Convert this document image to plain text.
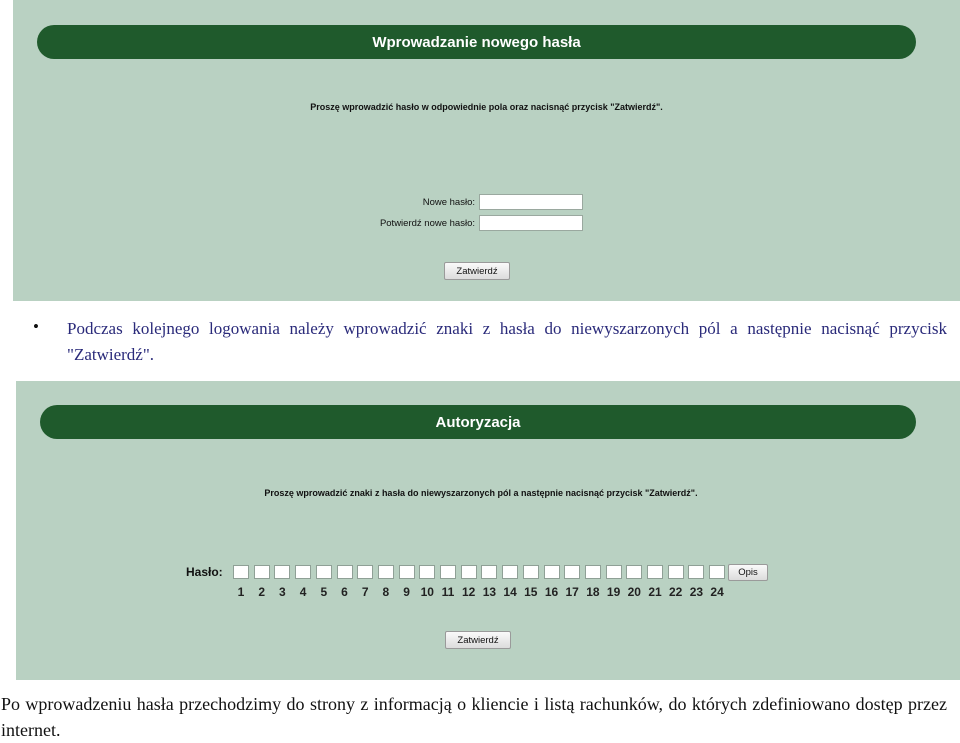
Wprowadzanie nowego hasła
Proszę wprowadzić hasło w odpowiednie pola oraz nacisnąć przycisk "Zatwierdź".
Nowe hasło:
Potwierdź nowe hasło:
Zatwierdź
• Podczas kolejnego logowania należy wprowadzić znaki z hasła do niewyszarzonych pól a następnie nacisnąć przycisk "Zatwierdź".
Autoryzacja
Proszę wprowadzić znaki z hasła do niewyszarzonych pól a następnie nacisnąć przycisk "Zatwierdź".
Hasło:	Opis
Zatwierdź
1	2	3	4	5	6	7	8	9 10 11 12 13 14 15 16 17 18 19 20 21 22 23 24
Po wprowadzeniu hasła przechodzimy do strony z informacją o kliencie i listą rachunków, do których zdefiniowano dostęp przez internet.
